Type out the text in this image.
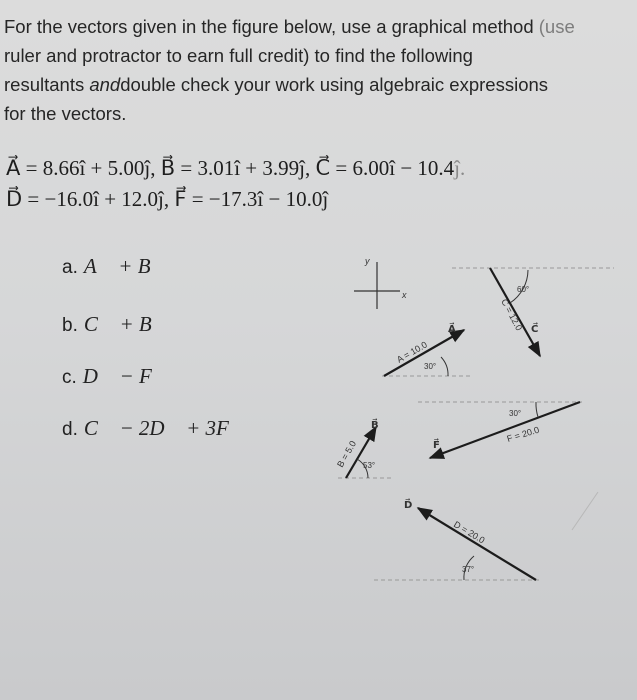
For the vectors given in the figure below, use a graphical method (use
ruler and protractor to earn full credit) to find the following
resultants anddouble check your work using algebraic expressions
for the vectors.
A⃗ = 8.66î + 5.00ĵ, B⃗ = 3.01î + 3.99ĵ, C⃗ = 6.00î − 10.4ĵ.
D⃗ = −16.0î + 12.0ĵ, F⃗ = −17.3î − 10.0ĵ
a. A⃗ + B⃗
b. C⃗ + B⃗
c. D⃗ − F⃗
d. C⃗ − 2D⃗ + 3F⃗
y
x
60°
C = 12.0 C⃗
30°
A = 10.0
A⃗
30°
F = 20.0
F⃗
53°
B = 5.0
B⃗
37°
D = 20.0
D⃗
